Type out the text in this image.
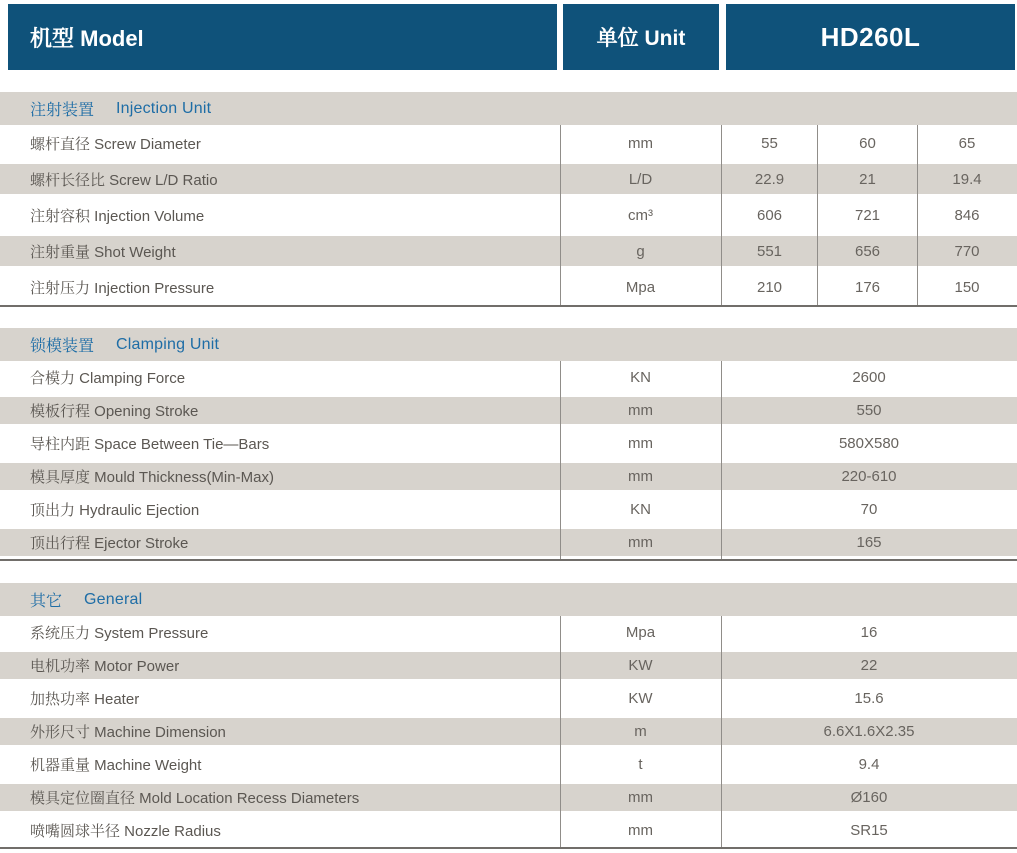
机型 Model	单位 Unit	HD260L
注射装置 Injection Unit
螺杆直径 Screw Diameter	mm	55	60	65
螺杆长径比 Screw L/D Ratio	L/D	22.9	21	19.4
注射容积 Injection Volume	cm³	606	721	846
注射重量 Shot Weight	g	551	656	770
注射压力 Injection Pressure	Mpa	210	176	150
锁模装置 Clamping Unit
合模力 Clamping Force	KN	2600
模板行程 Opening Stroke	mm	550
导柱内距 Space Between Tie—Bars	mm	580X580
模具厚度 Mould Thickness(Min-Max)	mm	220-610
顶出力 Hydraulic Ejection	KN	70
顶出行程 Ejector Stroke	mm	165
其它 General
系统压力 System Pressure	Mpa	16
电机功率 Motor Power	KW	22
加热功率 Heater	KW	15.6
外形尺寸 Machine Dimension	m	6.6X1.6X2.35
机器重量 Machine Weight	t	9.4
模具定位圈直径 Mold Location Recess Diameters	mm	Ø160
喷嘴圆球半径 Nozzle Radius	mm	SR15
